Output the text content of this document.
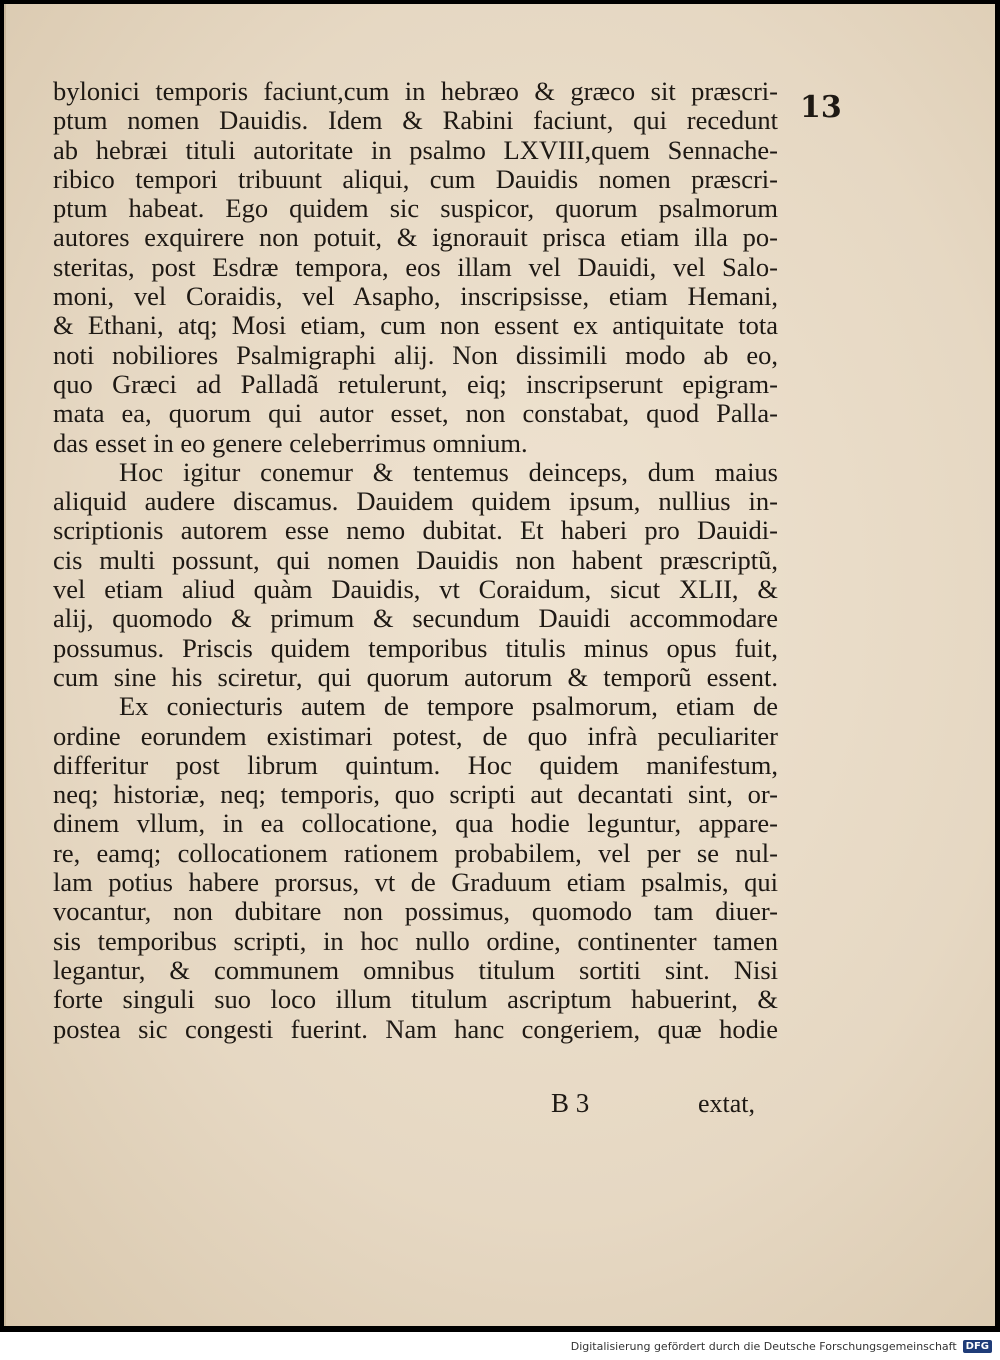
13

bylonici temporis faciunt,cum in hebræo & græco sit præscri-
ptum nomen Dauidis. Idem & Rabini faciunt, qui recedunt
ab hebræi tituli autoritate in psalmo LXVIII,quem Sennache-
ribico tempori tribuunt aliqui, cum Dauidis nomen præscri-
ptum habeat. Ego quidem sic suspicor, quorum psalmorum
autores exquirere non potuit, & ignorauit prisca etiam illa po-
steritas, post Esdræ tempora, eos illam vel Dauidi, vel Salo-
moni, vel Coraidis, vel Asapho, inscripsisse, etiam Hemani,
& Ethani, atq; Mosi etiam, cum non essent ex antiquitate tota
noti nobiliores Psalmigraphi alij. Non dissimili modo ab eo,
quo Græci ad Palladã retulerunt, eiq; inscripserunt epigram-
mata ea, quorum qui autor esset, non constabat, quod Palla-
das esset in eo genere celeberrimus omnium.
Hoc igitur conemur & tentemus deinceps, dum maius
aliquid audere discamus. Dauidem quidem ipsum, nullius in-
scriptionis autorem esse nemo dubitat. Et haberi pro Dauidi-
cis multi possunt, qui nomen Dauidis non habent præscriptũ,
vel etiam aliud quàm Dauidis, vt Coraidum, sicut XLII, &
alij, quomodo & primum & secundum Dauidi accommodare
possumus. Priscis quidem temporibus titulis minus opus fuit,
cum sine his sciretur, qui quorum autorum & temporũ essent.
Ex coniecturis autem de tempore psalmorum, etiam de
ordine eorundem existimari potest, de quo infrà peculiariter
differitur post librum quintum. Hoc quidem manifestum,
neq; historiæ, neq; temporis, quo scripti aut decantati sint, or-
dinem vllum, in ea collocatione, qua hodie leguntur, appare-
re, eamq; collocationem rationem probabilem, vel per se nul-
lam potius habere prorsus, vt de Graduum etiam psalmis, qui
vocantur, non dubitare non possimus, quomodo tam diuer-
sis temporibus scripti, in hoc nullo ordine, continenter tamen
legantur, & communem omnibus titulum sortiti sint. Nisi
forte singuli suo loco illum titulum ascriptum habuerint, &
postea sic congesti fuerint. Nam hanc congeriem, quæ hodie
B 3	extat,
Digitalisierung gefördert durch die Deutsche Forschungsgemeinschaft DFG
